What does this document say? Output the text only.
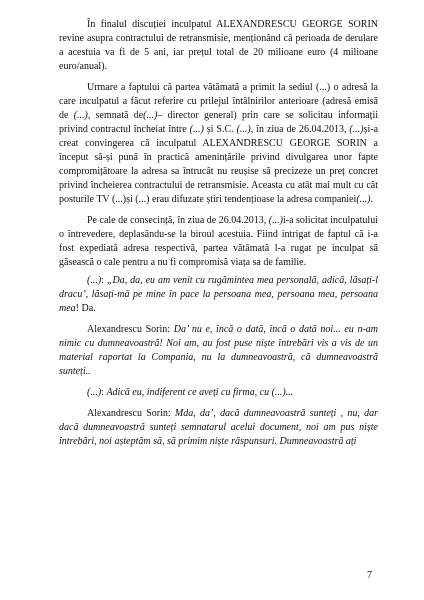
În finalul discuției inculpatul ALEXANDRESCU GEORGE SORIN revine asupra contractului de retransmisie, menționând că perioada de derulare a acestuia va fi de 5 ani, iar prețul total de 20 milioane euro (4 milioane euro/anual).

Urmare a faptului că partea vătămată a primit la sediul (...) o adresă la care inculpatul a făcut referire cu prilejul întâlnirilor anterioare (adresă emisă de (...), semnată de(...)– director general) prin care se solicitau informații privind contractul încheiat între (...) și S.C. (...), în ziua de 26.04.2013, (...)și-a creat convingerea că inculpatul ALEXANDRESCU GEORGE SORIN a început să-și pună în practică amenințările privind divulgarea unor fapte compromițătoare la adresa sa întrucât nu reușise să precizeze un preț concret privind încheierea contractului de retransmisie. Aceasta cu atât mai mult cu cât posturile TV (...)și (...) erau difuzate știri tendențioase la adresa companiei(...).

Pe cale de consecință, în ziua de 26.04.2013, (...)i-a solicitat inculpatului o întrevedere, deplasându-se la biroul acestuia. Fiind intrigat de faptul că i-a fost expediată adresa respectivă, partea vătămată l-a rugat pe inculpat să găsească o cale pentru a nu fi compromisă viața sa de familie.

(...): „Da, da, eu am venit cu rugămintea mea personală, adică, lăsați-l dracu’, lăsați-mă pe mine în pace la persoana mea, persoana mea, persoana mea! Da.

Alexandrescu Sorin: Da’ nu e, încă o dată, încă o dată noi... eu n-am nimic cu dumneavoastră! Noi am, au fost puse niște întrebări vis a vis de un material raportat la Compania, nu la dumneavoastră, că dumneavoastră sunteți..

(...): Adică eu, indiferent ce aveți cu firma, cu (...)...

Alexandrescu Sorin: Mda, da’, dacă dumneavoastră sunteți , nu, dar dacă dumneavoastră sunteți semnatarul acelui document, noi am pus niște întrebări, noi așteptăm să, să primim niște răspunsuri. Dumneavoastră ați

7
